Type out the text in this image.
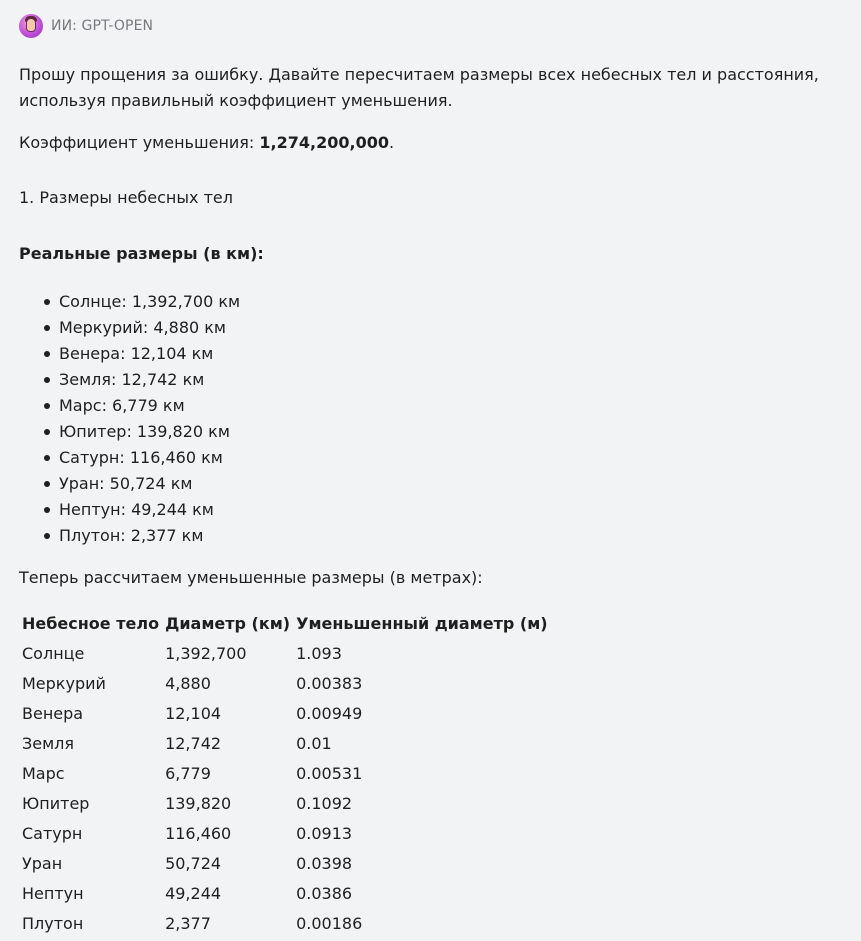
ИИ: GPT-OPEN

Прошу прощения за ошибку. Давайте пересчитаем размеры всех небесных тел и расстояния, используя правильный коэффициент уменьшения.

Коэффициент уменьшения: 1,274,200,000.

1. Размеры небесных тел

Реальные размеры (в км):

Солнце: 1,392,700 км
Меркурий: 4,880 км
Венера: 12,104 км
Земля: 12,742 км
Марс: 6,779 км
Юпитер: 139,820 км
Сатурн: 116,460 км
Уран: 50,724 км
Нептун: 49,244 км
Плутон: 2,377 км

Теперь рассчитаем уменьшенные размеры (в метрах):

Небесное тело	Диаметр (км)	Уменьшенный диаметр (м)
Солнце	1,392,700	1.093
Меркурий	4,880	0.00383
Венера	12,104	0.00949
Земля	12,742	0.01
Марс	6,779	0.00531
Юпитер	139,820	0.1092
Сатурн	116,460	0.0913
Уран	50,724	0.0398
Нептун	49,244	0.0386
Плутон	2,377	0.00186
